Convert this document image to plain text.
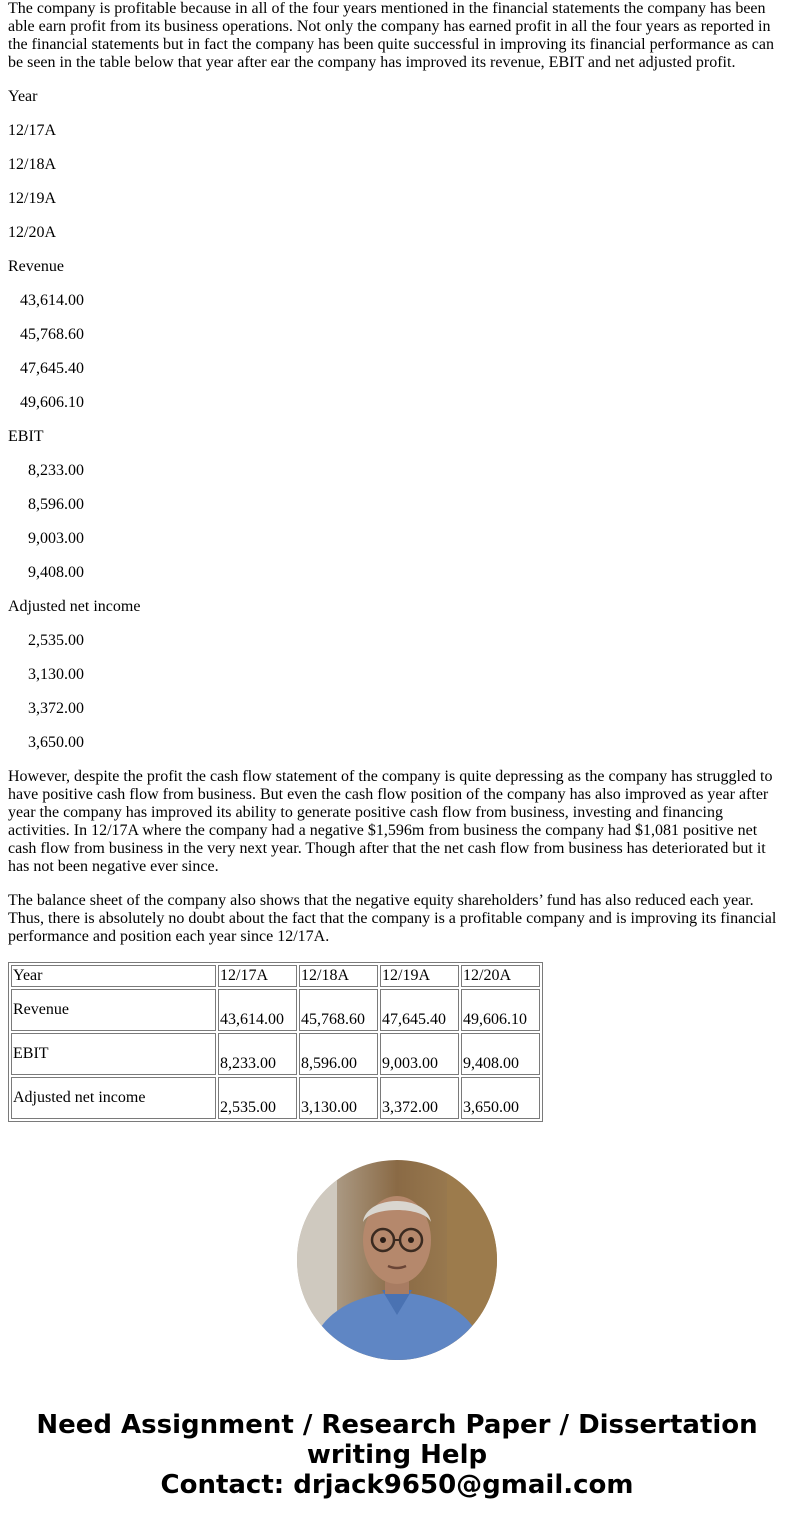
The company is profitable because in all of the four years mentioned in the financial statements the company has been able earn profit from its business operations. Not only the company has earned profit in all the four years as reported in the financial statements but in fact the company has been quite successful in improving its financial performance as can be seen in the table below that year after ear the company has improved its revenue, EBIT and net adjusted profit.

Year

12/17A

12/18A

12/19A

12/20A

Revenue

43,614.00

45,768.60

47,645.40

49,606.10

EBIT

8,233.00

8,596.00

9,003.00

9,408.00

Adjusted net income

2,535.00

3,130.00

3,372.00

3,650.00

However, despite the profit the cash flow statement of the company is quite depressing as the company has struggled to have positive cash flow from business. But even the cash flow position of the company has also improved as year after year the company has improved its ability to generate positive cash flow from business, investing and financing activities. In 12/17A where the company had a negative $1,596m from business the company had $1,081 positive net cash flow from business in the very next year. Though after that the net cash flow from business has deteriorated but it has not been negative ever since.

The balance sheet of the company also shows that the negative equity shareholders’ fund has also reduced each year. Thus, there is absolutely no doubt about the fact that the company is a profitable company and is improving its financial performance and position each year since 12/17A.

Year	12/17A	12/18A	12/19A	12/20A
Revenue	43,614.00	45,768.60	47,645.40	49,606.10
EBIT	8,233.00	8,596.00	9,003.00	9,408.00
Adjusted net income	2,535.00	3,130.00	3,372.00	3,650.00
Need Assignment / Research Paper / Dissertation
writing Help
Contact: drjack9650@gmail.com
